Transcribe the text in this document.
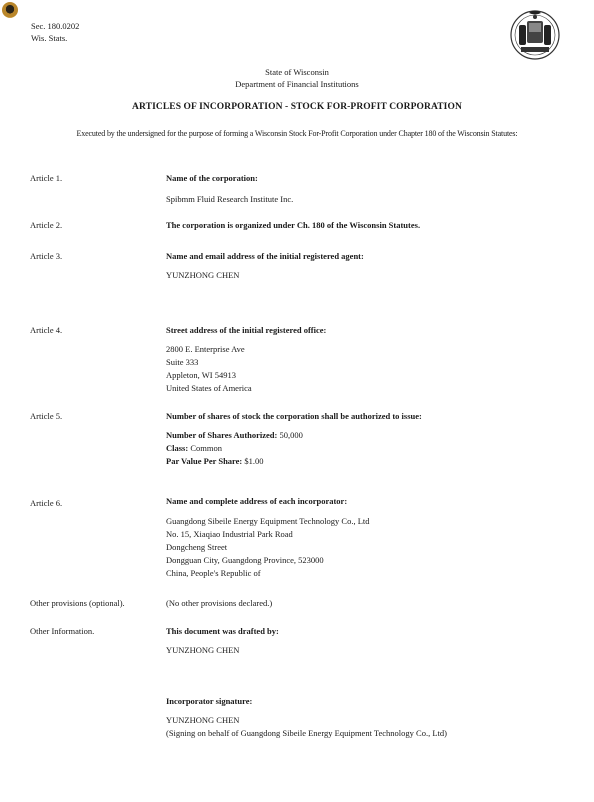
Sec. 180.0202
Wis. Stats.
State of Wisconsin
Department of Financial Institutions
ARTICLES OF INCORPORATION - STOCK FOR-PROFIT CORPORATION
Executed by the undersigned for the purpose of forming a Wisconsin Stock For-Profit Corporation under Chapter 180 of the Wisconsin Statutes:
Article 1.	Name of the corporation:
Spibmm Fluid Research Institute Inc.
Article 2.	The corporation is organized under Ch. 180 of the Wisconsin Statutes.
Article 3.	Name and email address of the initial registered agent:
YUNZHONG CHEN
Article 4.	Street address of the initial registered office:
2800 E. Enterprise Ave
Suite 333
Appleton, WI 54913
United States of America
Article 5.	Number of shares of stock the corporation shall be authorized to issue:
Number of Shares Authorized: 50,000
Class: Common
Par Value Per Share: $1.00
Article 6.	Name and complete address of each incorporator:
Guangdong Sibeile Energy Equipment Technology Co., Ltd
No. 15, Xiaqiao Industrial Park Road
Dongcheng Street
Dongguan City, Guangdong Province, 523000
China, People's Republic of
Other provisions (optional).	(No other provisions declared.)
Other Information.	This document was drafted by:
YUNZHONG CHEN
Incorporator signature:
YUNZHONG CHEN
(Signing on behalf of Guangdong Sibeile Energy Equipment Technology Co., Ltd)
